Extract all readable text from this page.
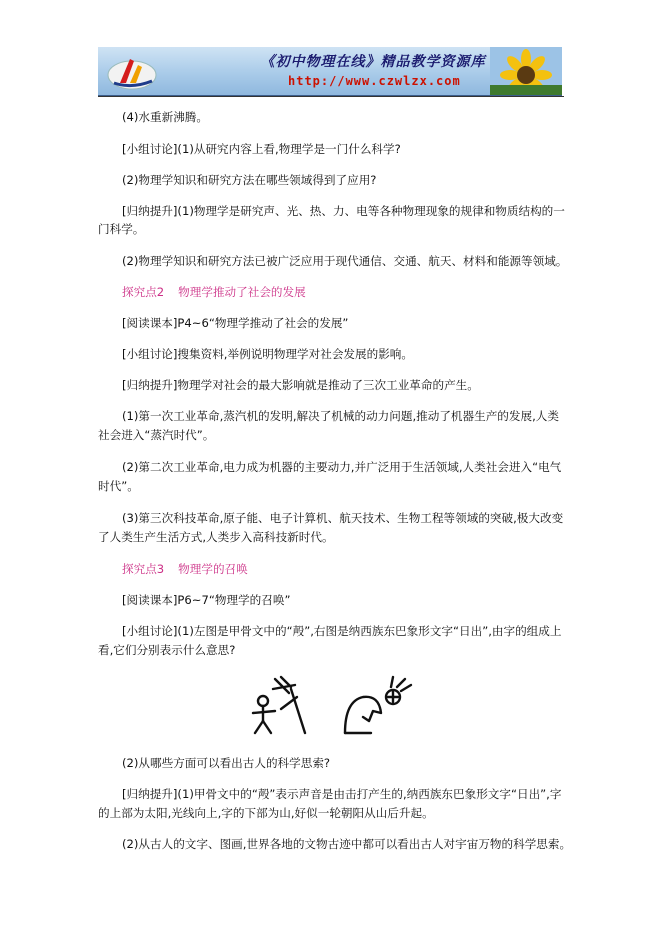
《初中物理在线》精品教学资源库
http://www.czwlzx.com
(4)水重新沸腾。
[小组讨论](1)从研究内容上看,物理学是一门什么科学?
(2)物理学知识和研究方法在哪些领域得到了应用?
[归纳提升](1)物理学是研究声、光、热、力、电等各种物理现象的规律和物质结构的一
门科学。
(2)物理学知识和研究方法已被广泛应用于现代通信、交通、航天、材料和能源等领域。
探究点2 物理学推动了社会的发展
[阅读课本]P4~6“物理学推动了社会的发展”
[小组讨论]搜集资料,举例说明物理学对社会发展的影响。
[归纳提升]物理学对社会的最大影响就是推动了三次工业革命的产生。
(1)第一次工业革命,蒸汽机的发明,解决了机械的动力问题,推动了机器生产的发展,人类
社会进入“蒸汽时代”。
(2)第二次工业革命,电力成为机器的主要动力,并广泛用于生活领域,人类社会进入“电气
时代”。
(3)第三次科技革命,原子能、电子计算机、航天技术、生物工程等领域的突破,极大改变
了人类生产生活方式,人类步入高科技新时代。
探究点3 物理学的召唤
[阅读课本]P6~7“物理学的召唤”
[小组讨论](1)左图是甲骨文中的“殸”,右图是纳西族东巴象形文字“日出”,由字的组成上
看,它们分别表示什么意思?
(2)从哪些方面可以看出古人的科学思索?
[归纳提升](1)甲骨文中的“殸”表示声音是由击打产生的,纳西族东巴象形文字“日出”,字
的上部为太阳,光线向上,字的下部为山,好似一轮朝阳从山后升起。
(2)从古人的文字、图画,世界各地的文物古迹中都可以看出古人对宇宙万物的科学思索。
